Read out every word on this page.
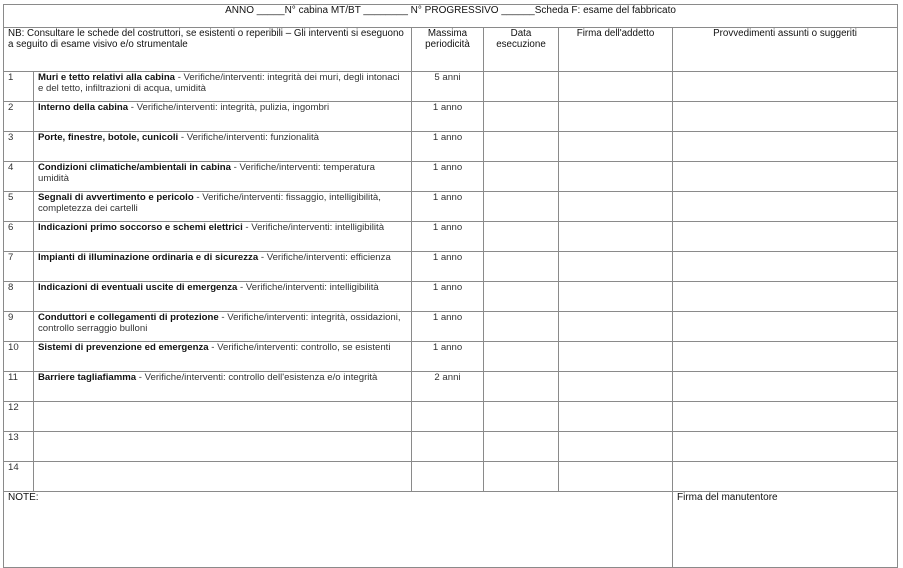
ANNO _____N° cabina MT/BT ________ N° PROGRESSIVO ______Scheda F: esame del fabbricato					
NB: Consultare le schede del costruttori, se esistenti o reperibili – Gli interventi si eseguono a seguito di esame visivo e/o strumentale		Massima periodicità	Data esecuzione	Firma dell'addetto	Provvedimenti assunti o suggeriti
1	Muri e tetto relativi alla cabina - Verifiche/interventi: integrità dei muri, degli intonaci e del tetto, infiltrazioni di acqua, umidità	5 anni			
2	Interno della cabina - Verifiche/interventi: integrità, pulizia, ingombri	1 anno			
3	Porte, finestre, botole, cunicoli - Verifiche/interventi: funzionalità	1 anno			
4	Condizioni climatiche/ambientali in cabina - Verifiche/interventi: temperatura umidità	1 anno			
5	Segnali di avvertimento e pericolo - Verifiche/interventi: fissaggio, intelligibilità, completezza dei cartelli	1 anno			
6	Indicazioni primo soccorso e schemi elettrici - Verifiche/interventi: intelligibilità	1 anno			
7	Impianti di illuminazione ordinaria e di sicurezza - Verifiche/interventi: efficienza	1 anno			
8	Indicazioni di eventuali uscite di emergenza - Verifiche/interventi: intelligibilità	1 anno			
9	Conduttori e collegamenti di protezione - Verifiche/interventi: integrità, ossidazioni, controllo serraggio bulloni	1 anno			
10	Sistemi di prevenzione ed emergenza - Verifiche/interventi: controllo, se esistenti	1 anno			
11	Barriere tagliafiamma - Verifiche/interventi: controllo dell'esistenza e/o integrità	2 anni			
12					
13					
14					
NOTE:					Firma del manutentore
